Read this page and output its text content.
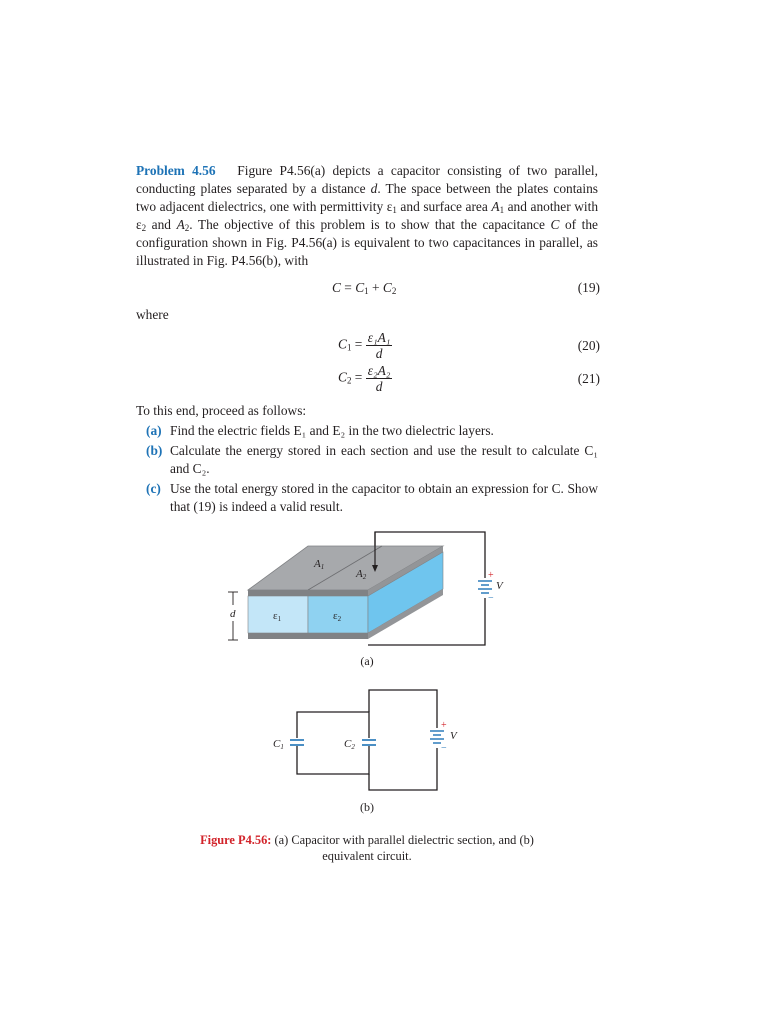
Problem 4.56 Figure P4.56(a) depicts a capacitor consisting of two parallel, conducting plates separated by a distance d. The space between the plates contains two adjacent dielectrics, one with permittivity $\varepsilon_1$ and surface area $A_1$ and another with $\varepsilon_2$ and $A_2$. The objective of this problem is to show that the capacitance C of the configuration shown in Fig. P4.56(a) is equivalent to two capacitances in parallel, as illustrated in Fig. P4.56(b), with

$C = C_1 + C_2$	(19)
where
$C_1 = \frac{\text{ε₁A₁}}{d}$	(20)
$C_2 = \frac{\text{ε₂A₂}}{d}$	(21)
To this end, proceed as follows:
(a) Find the electric fields E₁ and E₂ in the two dielectric layers.
(b) Calculate the energy stored in each section and use the result to calculate C₁ and C₂.
(c) Use the total energy stored in the capacitor to obtain an expression for C. Show that (19) is indeed a valid result.
A1
A2
ε1	ε2
d
V
+
−
(a)
C1	C2
V
+
−
(b)
Figure P4.56: (a) Capacitor with parallel dielectric section, and (b) equivalent circuit.
